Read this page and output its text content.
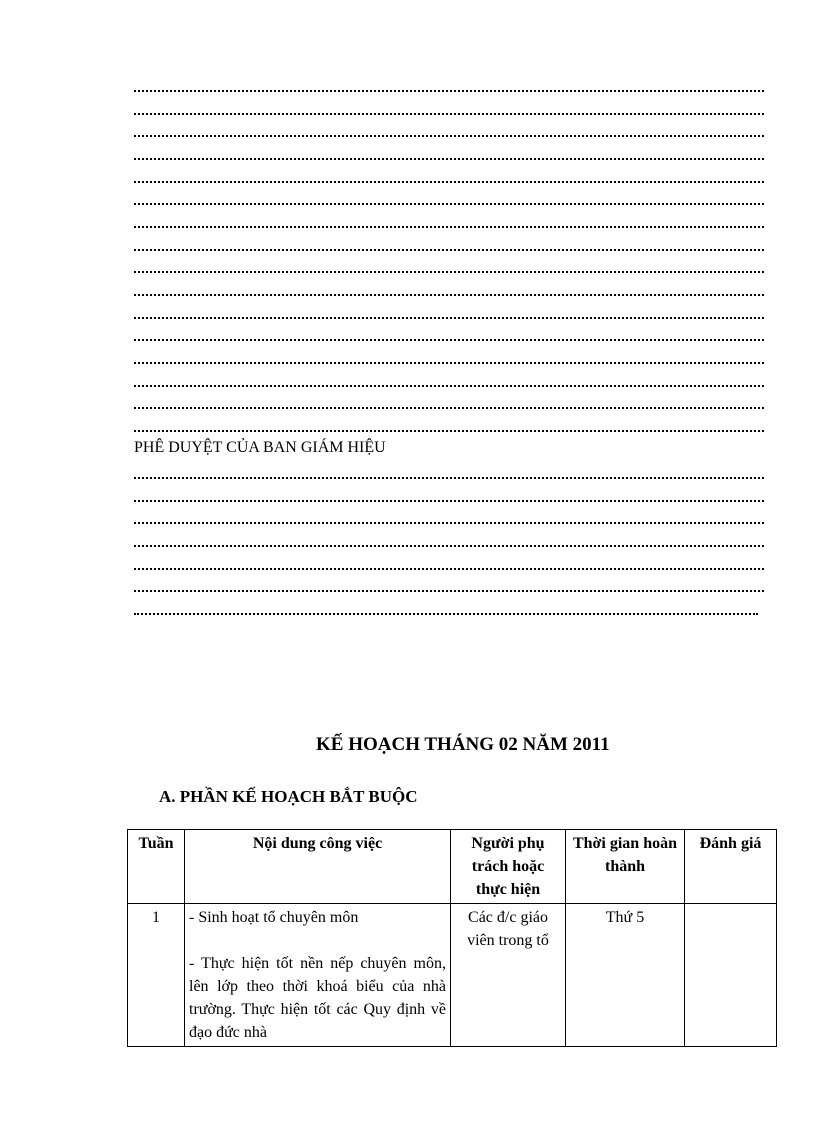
PHÊ DUYỆT CỦA BAN GIÁM HIỆU
KẾ HOẠCH THÁNG 02 NĂM 2011
A. PHẦN KẾ HOẠCH BẮT BUỘC
Tuần	Nội dung công việc	Người phụ trách hoặc thực hiện	Thời gian hoàn thành	Đánh giá
1	- Sinh hoạt tổ chuyên môn

- Thực hiện tốt nền nếp chuyên môn, lên lớp theo thời khoá biểu của nhà trường. Thực hiện tốt các Quy định về đạo đức nhà	Các đ/c giáo viên trong tổ	Thứ 5	
